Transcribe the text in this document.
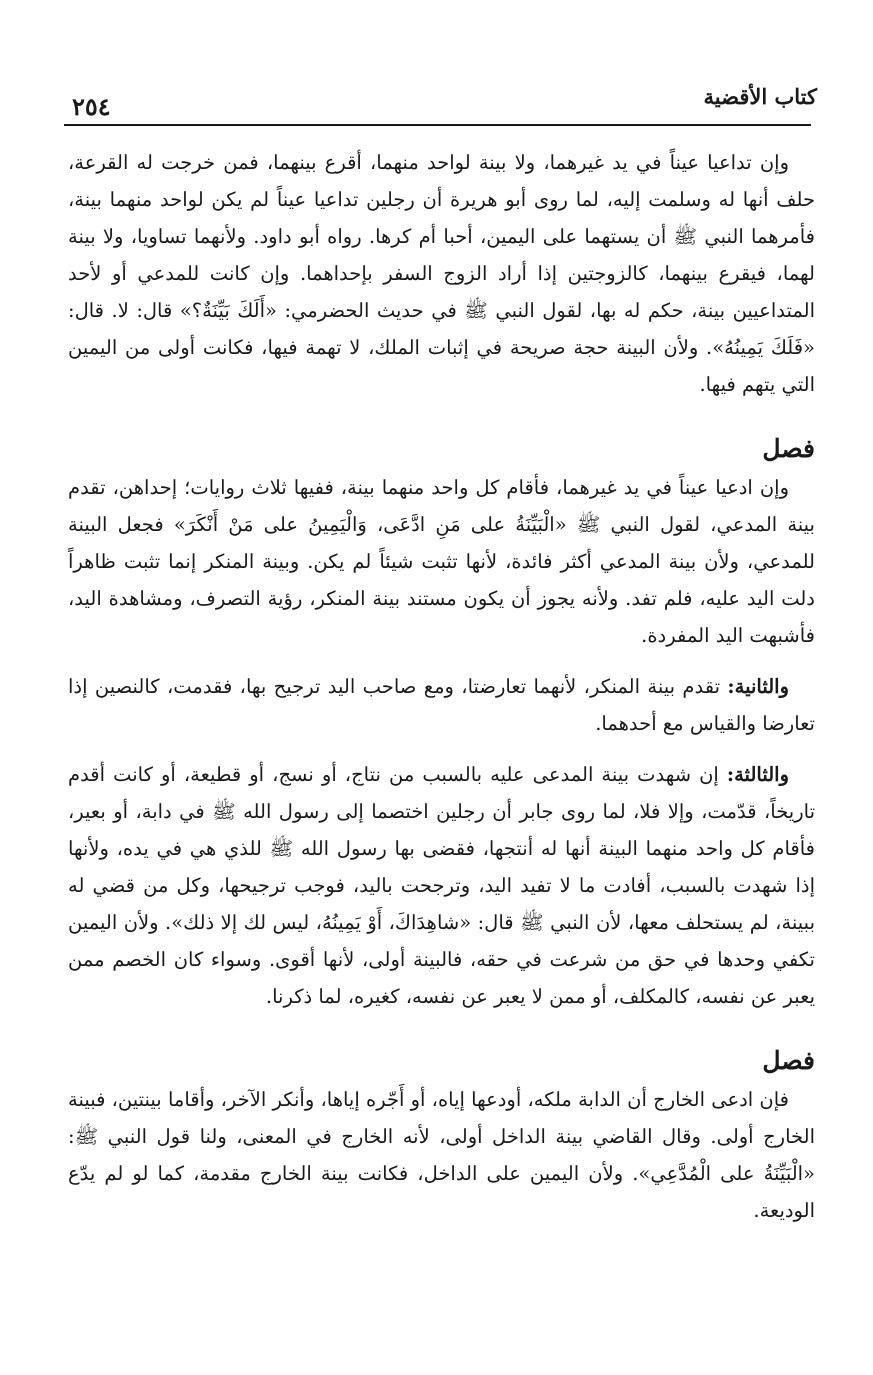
كتاب الأقضية
٢٥٤

وإن تداعيا عيناً في يد غيرهما، ولا بينة لواحد منهما، أقرع بينهما، فمن خرجت له القرعة، حلف أنها له وسلمت إليه، لما روى أبو هريرة أن رجلين تداعيا عيناً لم يكن لواحد منهما بينة، فأمرهما النبي ﷺ أن يستهما على اليمين، أحبا أم كرها. رواه أبو داود. ولأنهما تساويا، ولا بينة لهما، فيقرع بينهما، كالزوجتين إذا أراد الزوج السفر بإحداهما. وإن كانت للمدعي أو لأحد المتداعيين بينة، حكم له بها، لقول النبي ﷺ في حديث الحضرمي: «أَلَكَ بَيِّنَةٌ؟» قال: لا. قال: «فَلَكَ يَمِينُهُ». ولأن البينة حجة صريحة في إثبات الملك، لا تهمة فيها، فكانت أولى من اليمين التي يتهم فيها.

فصل

وإن ادعيا عيناً في يد غيرهما، فأقام كل واحد منهما بينة، ففيها ثلاث روايات؛ إحداهن، تقدم بينة المدعي، لقول النبي ﷺ «الْبَيِّنَةُ على مَنِ ادَّعَى، وَالْيَمِينُ على مَنْ أَنْكَرَ» فجعل البينة للمدعي، ولأن بينة المدعي أكثر فائدة، لأنها تثبت شيئاً لم يكن. وبينة المنكر إنما تثبت ظاهراً دلت اليد عليه، فلم تفد. ولأنه يجوز أن يكون مستند بينة المنكر، رؤية التصرف، ومشاهدة اليد، فأشبهت اليد المفردة.

والثانية: تقدم بينة المنكر، لأنهما تعارضتا، ومع صاحب اليد ترجيح بها، فقدمت، كالنصين إذا تعارضا والقياس مع أحدهما.

والثالثة: إن شهدت بينة المدعى عليه بالسبب من نتاج، أو نسج، أو قطيعة، أو كانت أقدم تاريخاً، قدّمت، وإلا فلا، لما روى جابر أن رجلين اختصما إلى رسول الله ﷺ في دابة، أو بعير، فأقام كل واحد منهما البينة أنها له أنتجها، فقضى بها رسول الله ﷺ للذي هي في يده، ولأنها إذا شهدت بالسبب، أفادت ما لا تفيد اليد، وترجحت باليد، فوجب ترجيحها، وكل من قضي له ببينة، لم يستحلف معها، لأن النبي ﷺ قال: «شاهِدَاكَ، أَوْ يَمِينُهُ، ليس لك إلا ذلك». ولأن اليمين تكفي وحدها في حق من شرعت في حقه، فالبينة أولى، لأنها أقوى. وسواء كان الخصم ممن يعبر عن نفسه، كالمكلف، أو ممن لا يعبر عن نفسه، كغيره، لما ذكرنا.

فصل

فإن ادعى الخارج أن الدابة ملكه، أودعها إياه، أو أَجّره إياها، وأنكر الآخر، وأقاما بينتين، فبينة الخارج أولى. وقال القاضي بينة الداخل أولى، لأنه الخارج في المعنى، ولنا قول النبي ﷺ: «الْبَيِّنَةُ على الْمُدَّعِي». ولأن اليمين على الداخل، فكانت بينة الخارج مقدمة، كما لو لم يدّع الوديعة.
